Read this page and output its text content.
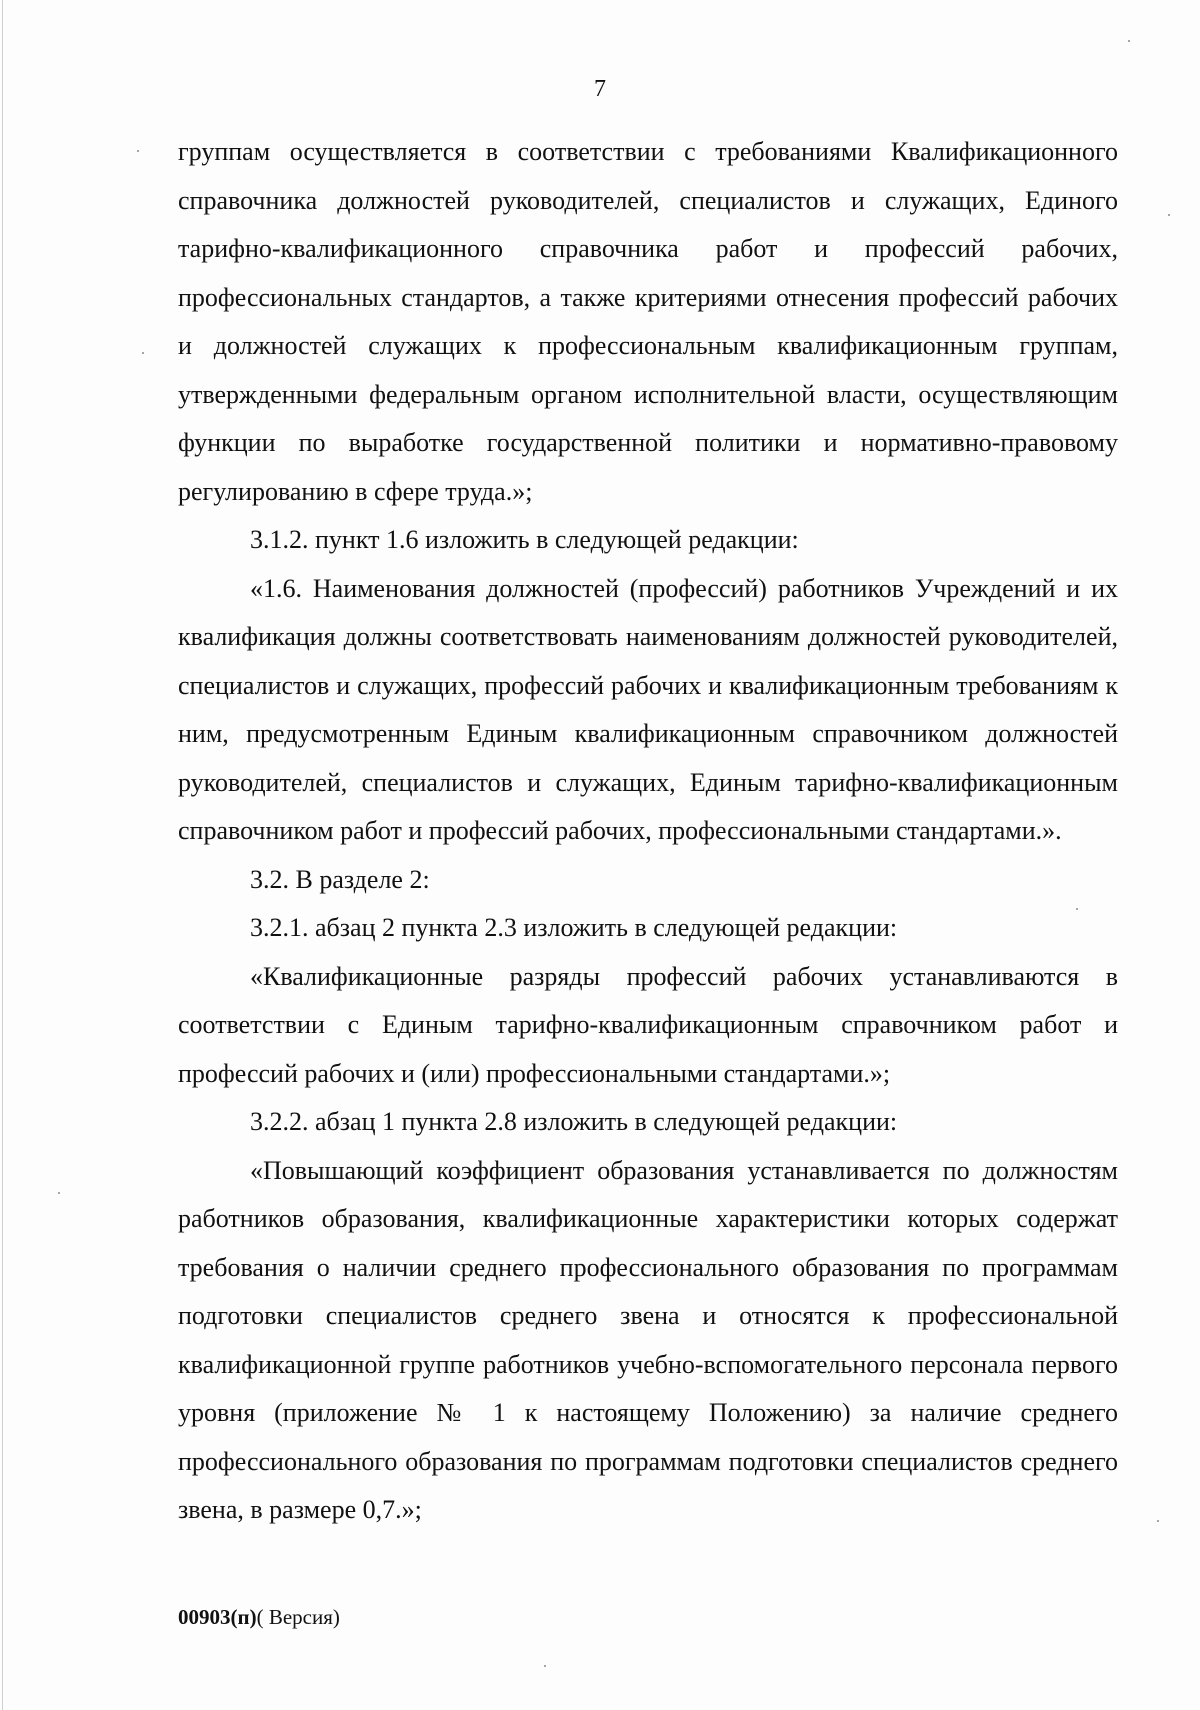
7

группам осуществляется в соответствии с требованиями Квалификационного справочника должностей руководителей, специалистов и служащих, Единого тарифно-квалификационного справочника работ и профессий рабочих, профессиональных стандартов, а также критериями отнесения профессий рабочих и должностей служащих к профессиональным квалификационным группам, утвержденными федеральным органом исполнительной власти, осуществляющим функции по выработке государственной политики и нормативно-правовому регулированию в сфере труда.»;

3.1.2. пункт 1.6 изложить в следующей редакции:

«1.6. Наименования должностей (профессий) работников Учреждений и их квалификация должны соответствовать наименованиям должностей руководителей, специалистов и служащих, профессий рабочих и квалификационным требованиям к ним, предусмотренным Единым квалификационным справочником должностей руководителей, специалистов и служащих, Единым тарифно-квалификационным справочником работ и профессий рабочих, профессиональными стандартами.».

3.2. В разделе 2:

3.2.1. абзац 2 пункта 2.3 изложить в следующей редакции:

«Квалификационные разряды профессий рабочих устанавливаются в соответствии с Единым тарифно-квалификационным справочником работ и профессий рабочих и (или) профессиональными стандартами.»;

3.2.2. абзац 1 пункта 2.8 изложить в следующей редакции:

«Повышающий коэффициент образования устанавливается по должностям работников образования, квалификационные характеристики которых содержат требования о наличии среднего профессионального образования по программам подготовки специалистов среднего звена и относятся к профессиональной квалификационной группе работников учебно-вспомогательного персонала первого уровня (приложение № 1 к настоящему Положению) за наличие среднего профессионального образования по программам подготовки специалистов среднего звена, в размере 0,7.»;

00903(п)( Версия)
